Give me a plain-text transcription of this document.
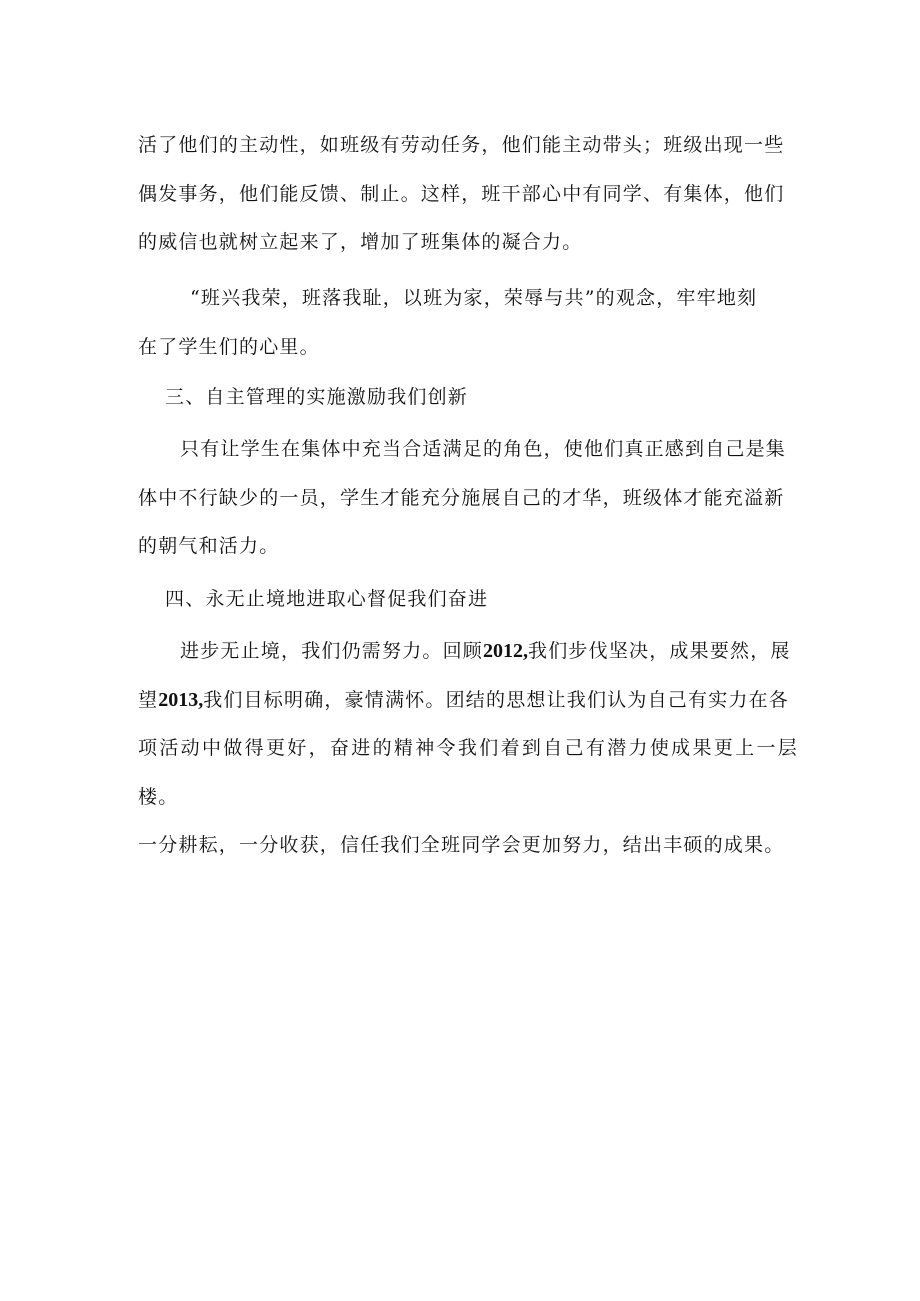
活了他们的主动性，如班级有劳动任务，他们能主动带头；班级出现一些
偶发事务，他们能反馈、制止。这样，班干部心中有同学、有集体，他们
的威信也就树立起来了，增加了班集体的凝合力。

“班兴我荣，班落我耻，以班为家，荣辱与共”的观念，牢牢地刻
在了学生们的心里。

三、自主管理的实施激励我们创新

只有让学生在集体中充当合适满足的角色，使他们真正感到自己是集
体中不行缺少的一员，学生才能充分施展自己的才华，班级体才能充溢新
的朝气和活力。

四、永无止境地进取心督促我们奋进

进步无止境，我们仍需努力。回顾2012,我们步伐坚决，成果要然，展
望2013,我们目标明确，豪情满怀。团结的思想让我们认为自己有实力在各
项活动中做得更好，奋进的精神令我们着到自己有潜力使成果更上一层楼。
一分耕耘，一分收获，信任我们全班同学会更加努力，结出丰硕的成果。
